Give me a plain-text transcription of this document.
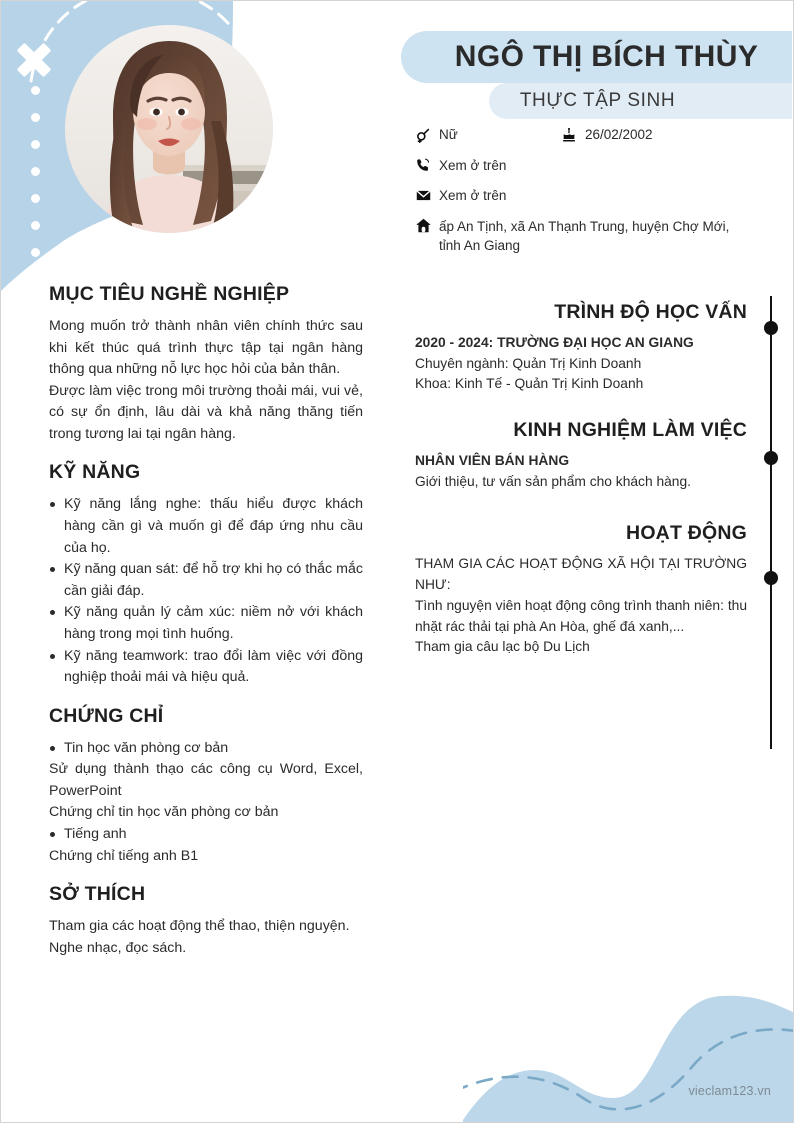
NGÔ THỊ BÍCH THÙY
THỰC TẬP SINH
Nữ	26/02/2002
Xem ở trên
Xem ở trên
ấp An Tịnh, xã An Thạnh Trung, huyện Chợ Mới, tỉnh An Giang
MỤC TIÊU NGHỀ NGHIỆP

Mong muốn trở thành nhân viên chính thức sau khi kết thúc quá trình thực tập tại ngân hàng thông qua những nỗ lực học hỏi của bản thân.

Được làm việc trong môi trường thoải mái, vui vẻ, có sự ổn định, lâu dài và khả năng thăng tiến trong tương lai tại ngân hàng.

KỸ NĂNG

Kỹ năng lắng nghe: thấu hiểu được khách hàng cần gì và muốn gì để đáp ứng nhu cầu của họ.

Kỹ năng quan sát: để hỗ trợ khi họ có thắc mắc cần giải đáp.

Kỹ năng quản lý cảm xúc: niềm nở với khách hàng trong mọi tình huống.

Kỹ năng teamwork: trao đổi làm việc với đồng nghiệp thoải mái và hiệu quả.

CHỨNG CHỈ

Tin học văn phòng cơ bản

Sử dụng thành thạo các công cụ Word, Excel, PowerPoint

Chứng chỉ tin học văn phòng cơ bản

Tiếng anh

Chứng chỉ tiếng anh B1

SỞ THÍCH

Tham gia các hoạt động thể thao, thiện nguyện.

Nghe nhạc, đọc sách.

TRÌNH ĐỘ HỌC VẤN

2020 - 2024: TRƯỜNG ĐẠI HỌC AN GIANG

Chuyên ngành: Quản Trị Kinh Doanh

Khoa: Kinh Tế - Quản Trị Kinh Doanh

KINH NGHIỆM LÀM VIỆC

NHÂN VIÊN BÁN HÀNG

Giới thiệu, tư vấn sản phẩm cho khách hàng.

HOẠT ĐỘNG

THAM GIA CÁC HOẠT ĐỘNG XÃ HỘI TẠI TRƯỜNG NHƯ:

Tình nguyện viên hoạt động công trình thanh niên: thu nhặt rác thải tại phà An Hòa, ghế đá xanh,...

Tham gia câu lạc bộ Du Lịch

vieclam123.vn
